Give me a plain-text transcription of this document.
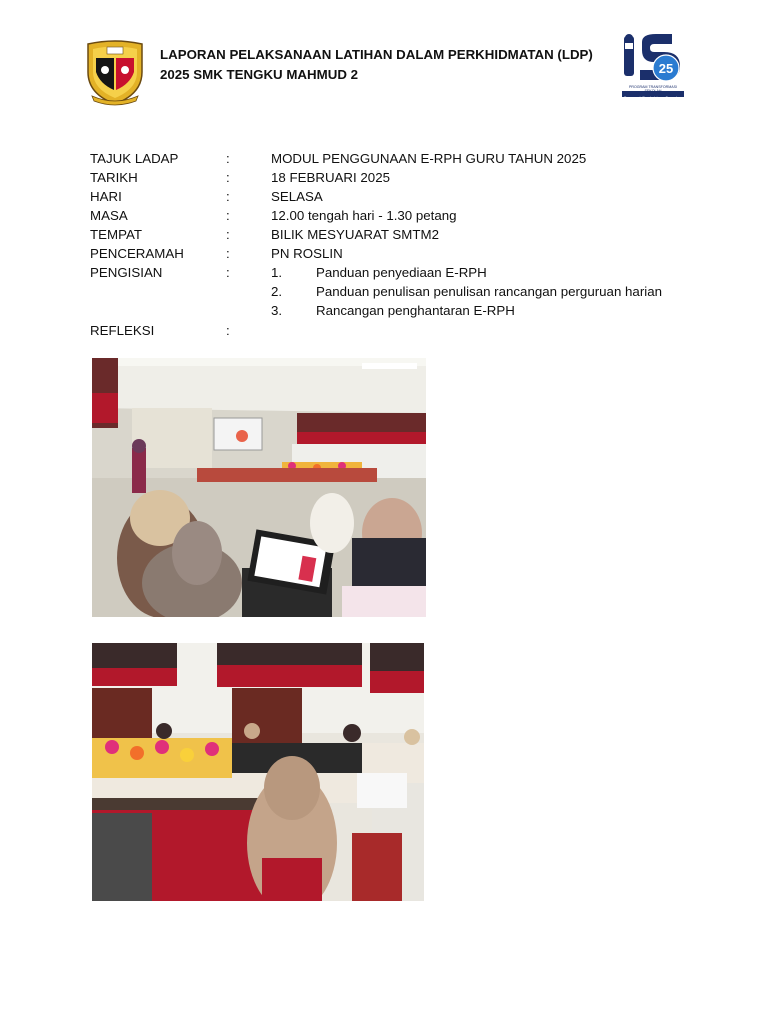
LAPORAN PELAKSANAAN LATIHAN DALAM PERKHIDMATAN (LDP)
2025 SMK TENGKU MAHMUD 2	25
PROGRAM TRANSFORMASI SEKOLAH
Penggerak Pembelajaran Bermakna
TAJUK LADAP	:	MODUL PENGGUNAAN E-RPH GURU TAHUN 2025
TARIKH	:	18 FEBRUARI 2025
HARI	:	SELASA
MASA	:	12.00 tengah hari - 1.30 petang
TEMPAT	:	BILIK MESYUARAT SMTM2
PENCERAMAH	:	PN ROSLIN
PENGISIAN	:	1.	Panduan penyediaan E-RPH
2.	Panduan penulisan penulisan rancangan perguruan harian
3.	Rancangan penghantaran E-RPH
REFLEKSI	:
